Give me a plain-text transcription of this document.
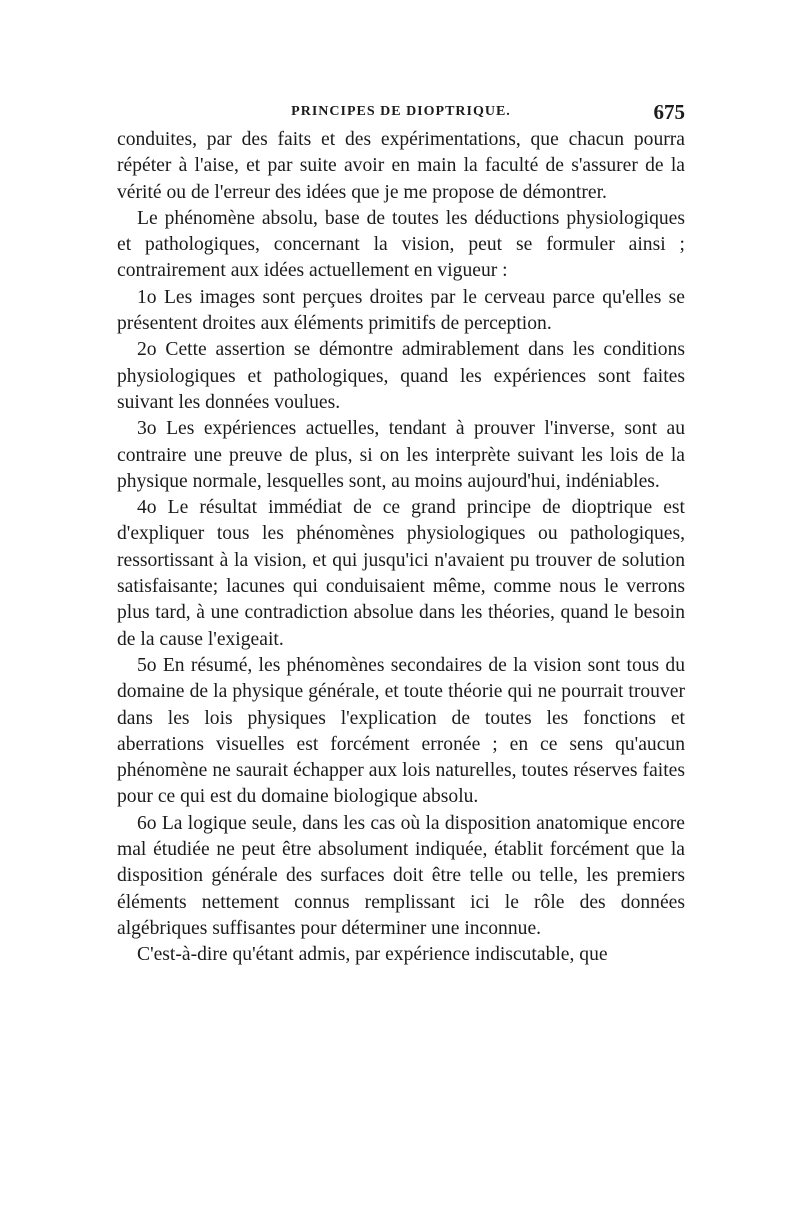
PRINCIPES DE DIOPTRIQUE.	675

conduites, par des faits et des expérimentations, que chacun pourra répéter à l'aise, et par suite avoir en main la faculté de s'assurer de la vérité ou de l'erreur des idées que je me propose de démontrer.

Le phénomène absolu, base de toutes les déductions physiologiques et pathologiques, concernant la vision, peut se formuler ainsi ; contrairement aux idées actuellement en vigueur :

1o Les images sont perçues droites par le cerveau parce qu'elles se présentent droites aux éléments primitifs de perception.

2o Cette assertion se démontre admirablement dans les conditions physiologiques et pathologiques, quand les expériences sont faites suivant les données voulues.

3o Les expériences actuelles, tendant à prouver l'inverse, sont au contraire une preuve de plus, si on les interprète suivant les lois de la physique normale, lesquelles sont, au moins aujourd'hui, indéniables.

4o Le résultat immédiat de ce grand principe de dioptrique est d'expliquer tous les phénomènes physiologiques ou pathologiques, ressortissant à la vision, et qui jusqu'ici n'avaient pu trouver de solution satisfaisante; lacunes qui conduisaient même, comme nous le verrons plus tard, à une contradiction absolue dans les théories, quand le besoin de la cause l'exigeait.

5o En résumé, les phénomènes secondaires de la vision sont tous du domaine de la physique générale, et toute théorie qui ne pourrait trouver dans les lois physiques l'explication de toutes les fonctions et aberrations visuelles est forcément erronée ; en ce sens qu'aucun phénomène ne saurait échapper aux lois naturelles, toutes réserves faites pour ce qui est du domaine biologique absolu.

6o La logique seule, dans les cas où la disposition anatomique encore mal étudiée ne peut être absolument indiquée, établit forcément que la disposition générale des surfaces doit être telle ou telle, les premiers éléments nettement connus remplissant ici le rôle des données algébriques suffisantes pour déterminer une inconnue.

C'est-à-dire qu'étant admis, par expérience indiscutable, que
